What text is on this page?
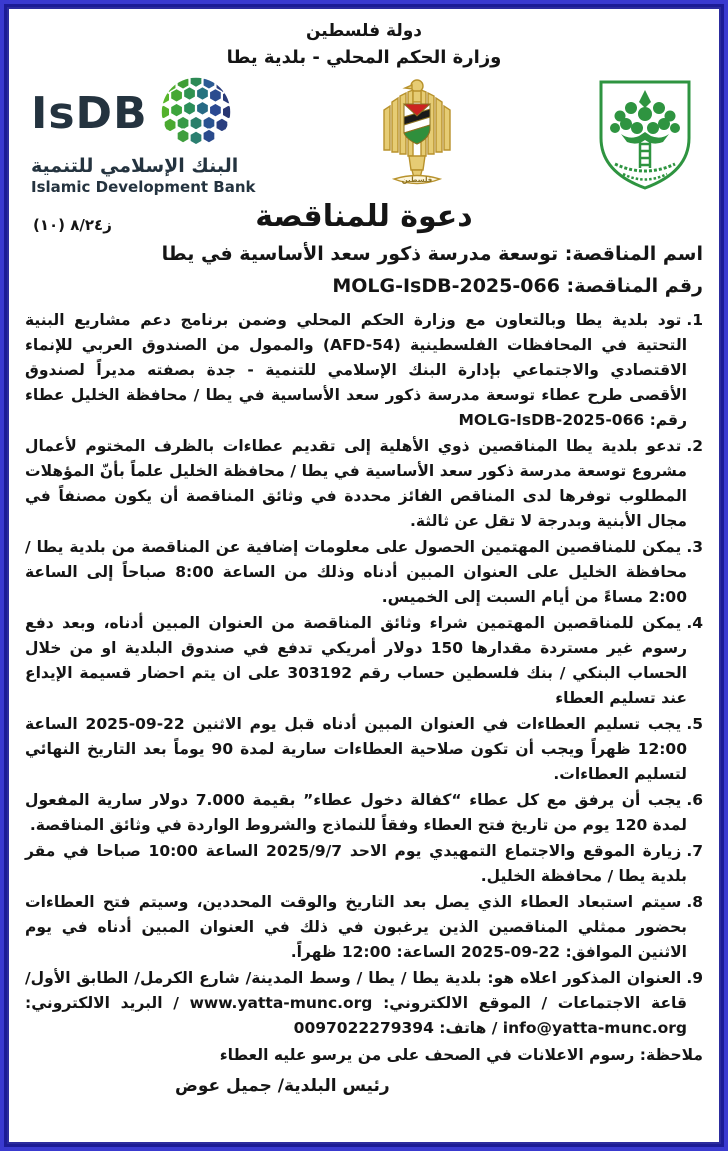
دولة فلسطين
وزارة الحكم المحلي - بلدية يطا
IsDB
البنك الإسلامي للتنمية
Islamic Development Bank	فلسطين
دعوة للمناقصة
ز٨/٢٤ (١٠)
اسم المناقصة: توسعة مدرسة ذكور سعد الأساسية في يطا
رقم المناقصة: MOLG-IsDB-2025-066

1.تود بلدية يطا وبالتعاون مع وزارة الحكم المحلي وضمن برنامج دعم مشاريع البنية التحتية في المحافظات الفلسطينية (AFD-54) والممول من الصندوق العربي للإنماء الاقتصادي والاجتماعي بإدارة البنك الإسلامي للتنمية - جدة بصفته مديراً لصندوق الأقصى طرح عطاء توسعة مدرسة ذكور سعد الأساسية في يطا / محافظة الخليل عطاء رقم: MOLG-IsDB-2025-066

2.تدعو بلدية يطا المناقصين ذوي الأهلية إلى تقديم عطاءات بالظرف المختوم لأعمال مشروع توسعة مدرسة ذكور سعد الأساسية في يطا / محافظة الخليل علماً بأنّ المؤهلات المطلوب توفرها لدى المناقص الفائز محددة في وثائق المناقصة أن يكون مصنفاً في مجال الأبنية وبدرجة لا تقل عن ثالثة.

3.يمكن للمناقصين المهتمين الحصول على معلومات إضافية عن المناقصة من بلدية يطا / محافظة الخليل على العنوان المبين أدناه وذلك من الساعة 8:00 صباحاً إلى الساعة 2:00 مساءً من أيام السبت إلى الخميس.

4.يمكن للمناقصين المهتمين شراء وثائق المناقصة من العنوان المبين أدناه، وبعد دفع رسوم غير مستردة مقدارها 150 دولار أمريكي تدفع في صندوق البلدية او من خلال الحساب البنكي / بنك فلسطين حساب رقم 303192 على ان يتم احضار قسيمة الإيداع عند تسليم العطاء

5.يجب تسليم العطاءات في العنوان المبين أدناه قبل يوم الاثنين 22-09-2025 الساعة 12:00 ظهراً ويجب أن تكون صلاحية العطاءات سارية لمدة 90 يوماً بعد التاريخ النهائي لتسليم العطاءات.

6.يجب أن يرفق مع كل عطاء “كفالة دخول عطاء” بقيمة 7.000 دولار سارية المفعول لمدة 120 يوم من تاريخ فتح العطاء وفقاً للنماذج والشروط الواردة في وثائق المناقصة.

7.زيارة الموقع والاجتماع التمهيدي يوم الاحد 2025/9/7 الساعة 10:00 صباحا في مقر بلدية يطا / محافظة الخليل.

8.سيتم استبعاد العطاء الذي يصل بعد التاريخ والوقت المحددين، وسيتم فتح العطاءات بحضور ممثلي المناقصين الذين يرغبون في ذلك في العنوان المبين أدناه في يوم الاثنين الموافق: 22-09-2025 الساعة: 12:00 ظهراً.

9.العنوان المذكور اعلاه هو: بلدية يطا / يطا / وسط المدينة/ شارع الكرمل/ الطابق الأول/ قاعة الاجتماعات / الموقع الالكتروني: www.yatta-munc.org / البريد الالكتروني: info@yatta-munc.org / هاتف: 0097022279394

ملاحظة: رسوم الاعلانات في الصحف على من يرسو عليه العطاء
رئيس البلدية/ جميل عوض
